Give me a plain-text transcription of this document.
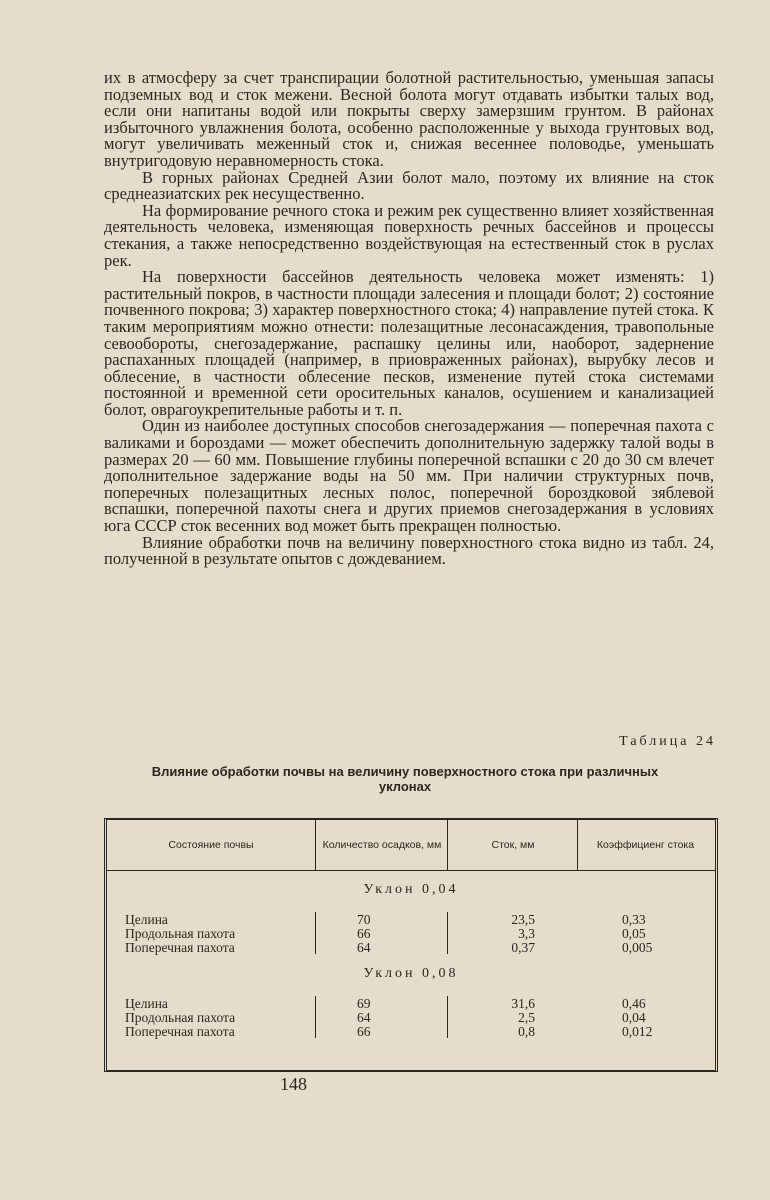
их в атмосферу за счет транспирации болотной растительностью, уменьшая запасы подземных вод и сток межени. Весной болота могут отдавать избытки талых вод, если они напитаны водой или покрыты сверху замерзшим грунтом. В районах избыточного увлажнения болота, особенно расположенные у выхода грунтовых вод, могут увеличивать меженный сток и, снижая весеннее половодье, уменьшать внутригодовую неравномерность стока.

В горных районах Средней Азии болот мало, поэтому их влияние на сток среднеазиатских рек несущественно.

На формирование речного стока и режим рек существенно влияет хозяйственная деятельность человека, изменяющая поверхность речных бассейнов и процессы стекания, а также непосредственно воздействующая на естественный сток в руслах рек.

На поверхности бассейнов деятельность человека может изменять: 1) растительный покров, в частности площади залесения и площади болот; 2) состояние почвенного покрова; 3) характер поверхностного стока; 4) направление путей стока. К таким мероприятиям можно отнести: полезащитные лесонасаждения, травопольные севообороты, снегозадержание, распашку целины или, наоборот, задернение распаханных площадей (например, в приовраженных районах), вырубку лесов и облесение, в частности облесение песков, изменение путей стока системами постоянной и временной сети оросительных каналов, осушением и канализацией болот, оврагоукрепительные работы и т. п.

Один из наиболее доступных способов снегозадержания — поперечная пахота с валиками и бороздами — может обеспечить дополнительную задержку талой воды в размерах 20 — 60 мм. Повышение глубины поперечной вспашки с 20 до 30 см влечет дополнительное задержание воды на 50 мм. При наличии структурных почв, поперечных полезащитных лесных полос, поперечной бороздковой зяблевой вспашки, поперечной пахоты снега и других приемов снегозадержания в условиях юга СССР сток весенних вод может быть прекращен полностью.

Влияние обработки почв на величину поверхностного стока видно из табл. 24, полученной в результате опытов с дождеванием.

Таблица 24
Влияние обработки почвы на величину поверхностного стока при различных уклонах
Состояние почвы	Количество осадков, мм	Сток, мм	Коэффициенг стока
Уклон 0,04
Целина	70	23,5	0,33
Продольная пахота	66	3,3	0,05
Поперечная пахота	64	0,37	0,005
Уклон 0,08
Целина	69	31,6	0,46
Продольная пахота	64	2,5	0,04
Поперечная пахота	66	0,8	0,012
148
